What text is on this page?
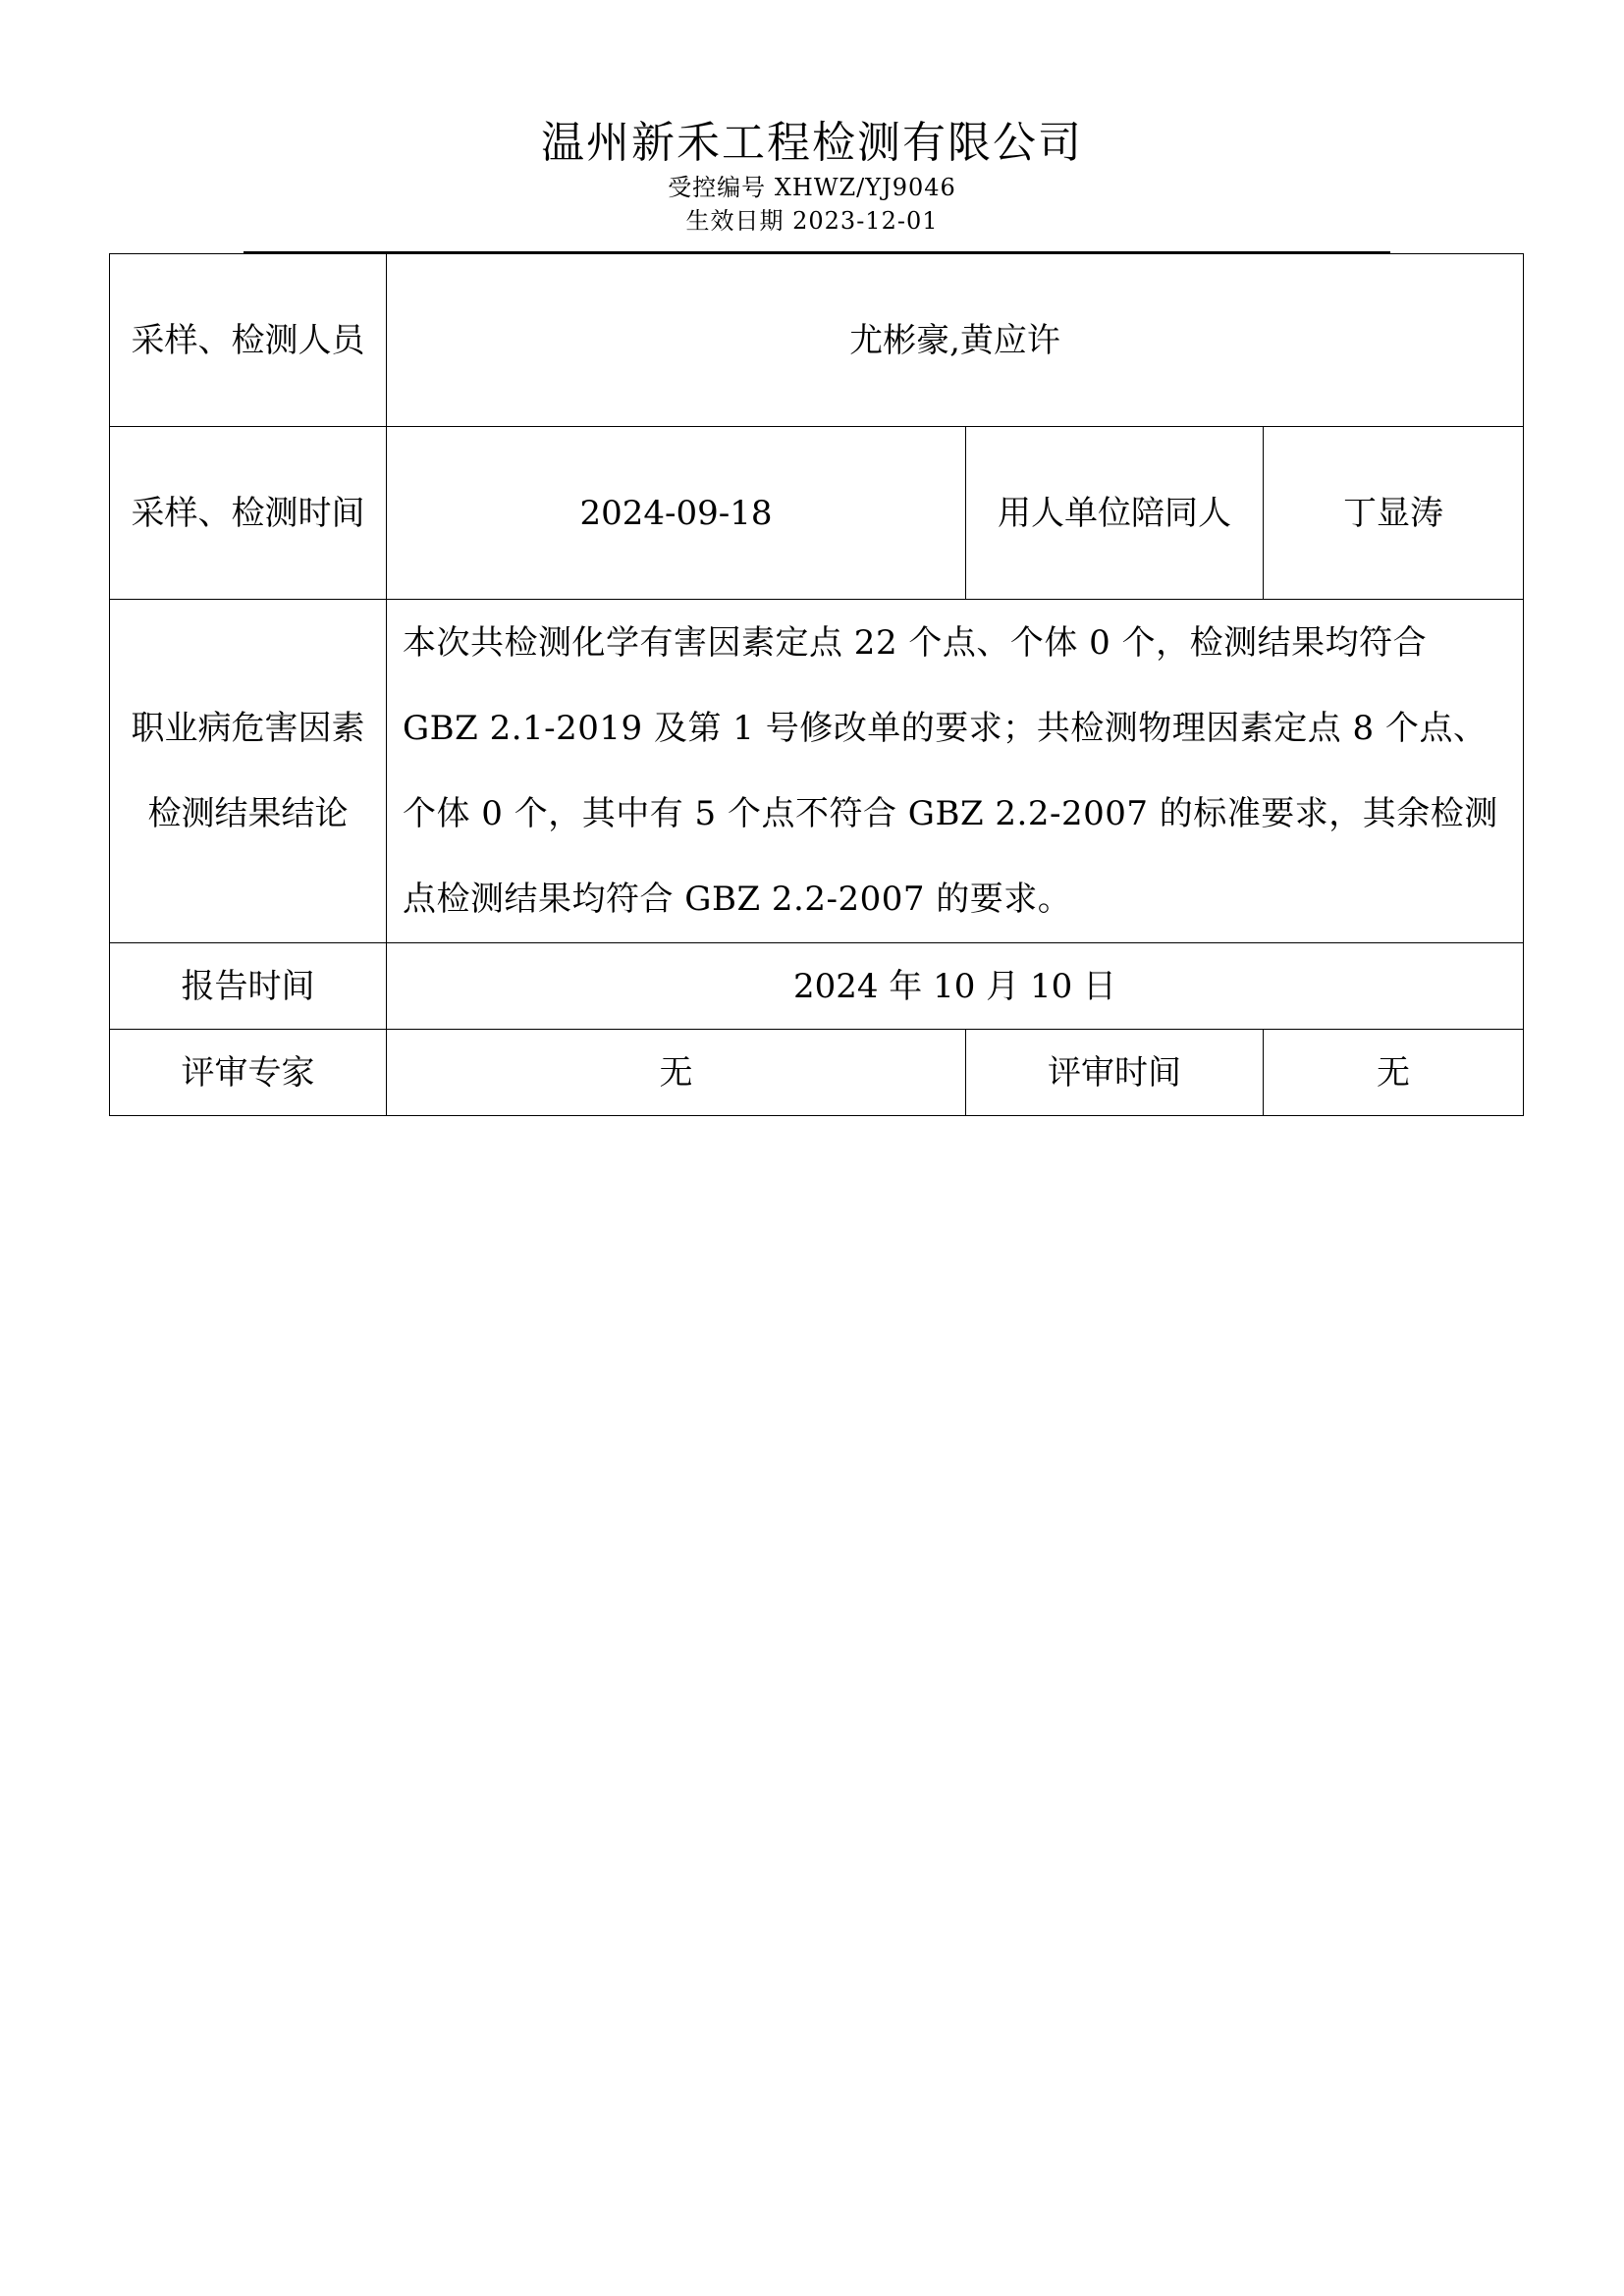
温州新禾工程检测有限公司
受控编号 XHWZ/YJ9046
生效日期 2023-12-01
采样、检测人员	尤彬豪,黄应许		
采样、检测时间	2024-09-18	用人单位陪同人	丁显涛
职业病危害因素检测结果结论	本次共检测化学有害因素定点 22 个点、个体 0 个，检测结果均符合 GBZ 2.1-2019 及第 1 号修改单的要求；共检测物理因素定点 8 个点、个体 0 个，其中有 5 个点不符合 GBZ 2.2-2007 的标准要求，其余检测点检测结果均符合 GBZ 2.2-2007 的要求。		
报告时间	2024 年 10 月 10 日		
评审专家	无	评审时间	无
